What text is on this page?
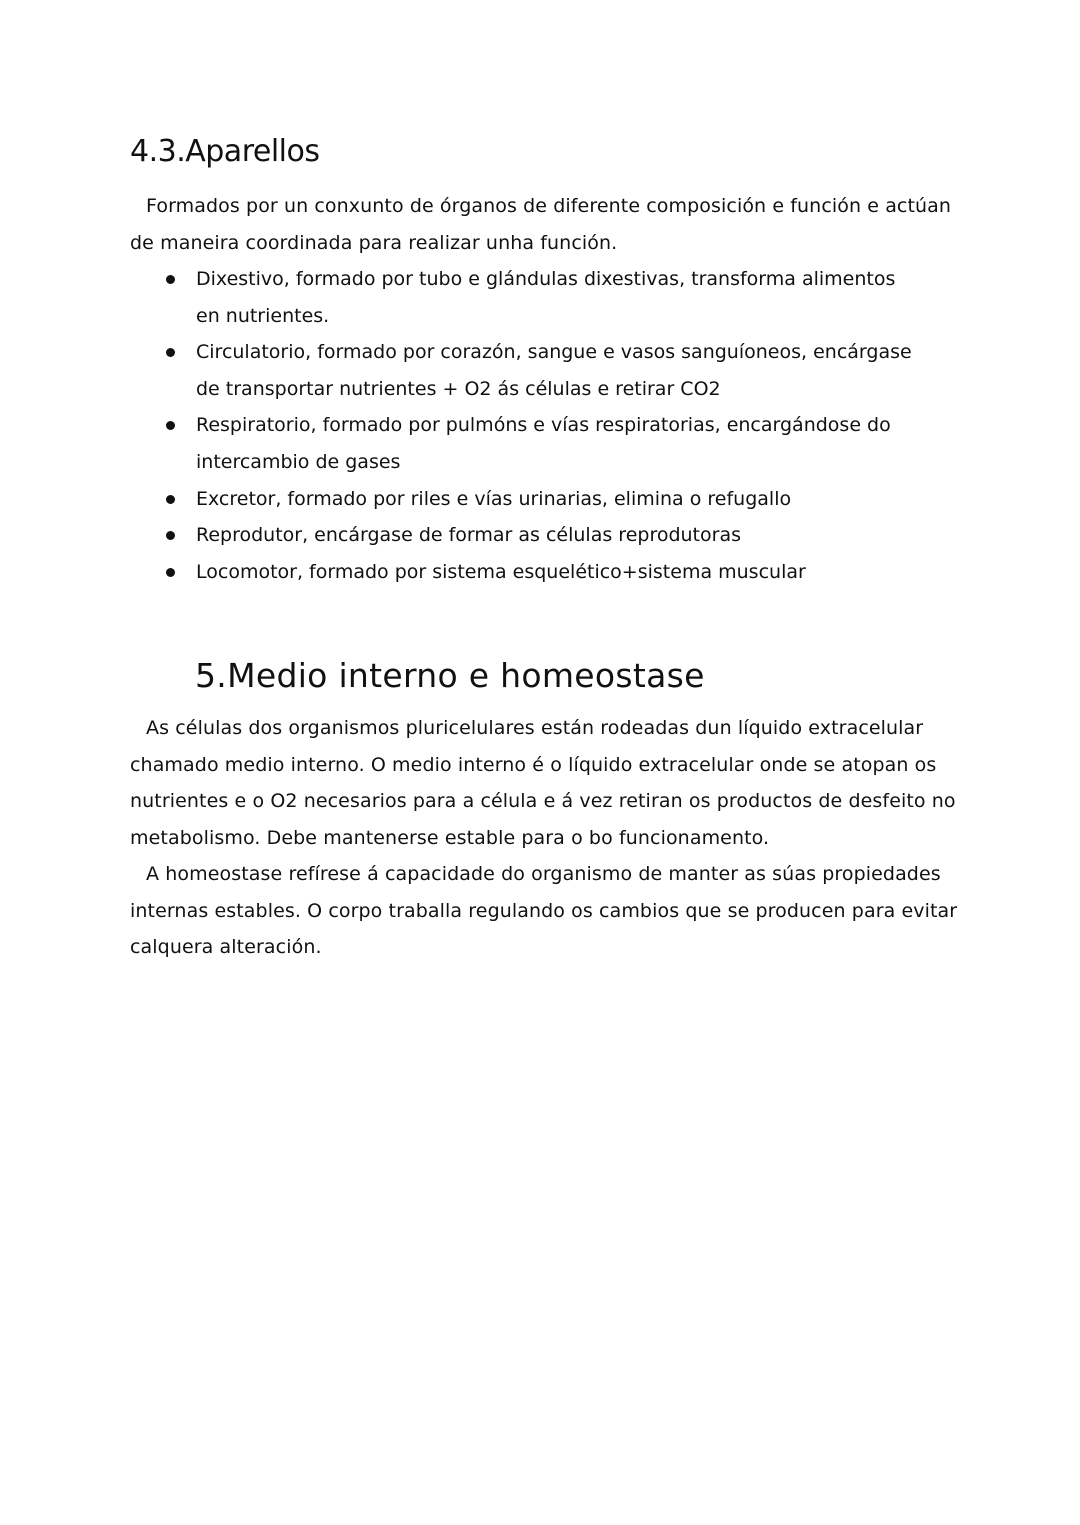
4.3.Aparellos

Formados por un conxunto de órganos de diferente composición e función e actúan de maneira coordinada para realizar unha función.

Dixestivo, formado por tubo e glándulas dixestivas, transforma alimentos en nutrientes.
Circulatorio, formado por corazón, sangue e vasos sanguíoneos, encárgase de transportar nutrientes + O2 ás células e retirar CO2
Respiratorio, formado por pulmóns e vías respiratorias, encargándose do intercambio de gases
Excretor, formado por riles e vías urinarias, elimina o refugallo
Reprodutor, encárgase de formar as células reprodutoras
Locomotor, formado por sistema esquelético+sistema muscular
5.Medio interno e homeostase

As células dos organismos pluricelulares están rodeadas dun líquido extracelular chamado medio interno. O medio interno é o líquido extracelular onde se atopan os nutrientes e o O2 necesarios para a célula e á vez retiran os productos de desfeito no metabolismo. Debe mantenerse estable para o bo funcionamento.

A homeostase refírese á capacidade do organismo de manter as súas propiedades internas estables. O corpo traballa regulando os cambios que se producen para evitar calquera alteración.
